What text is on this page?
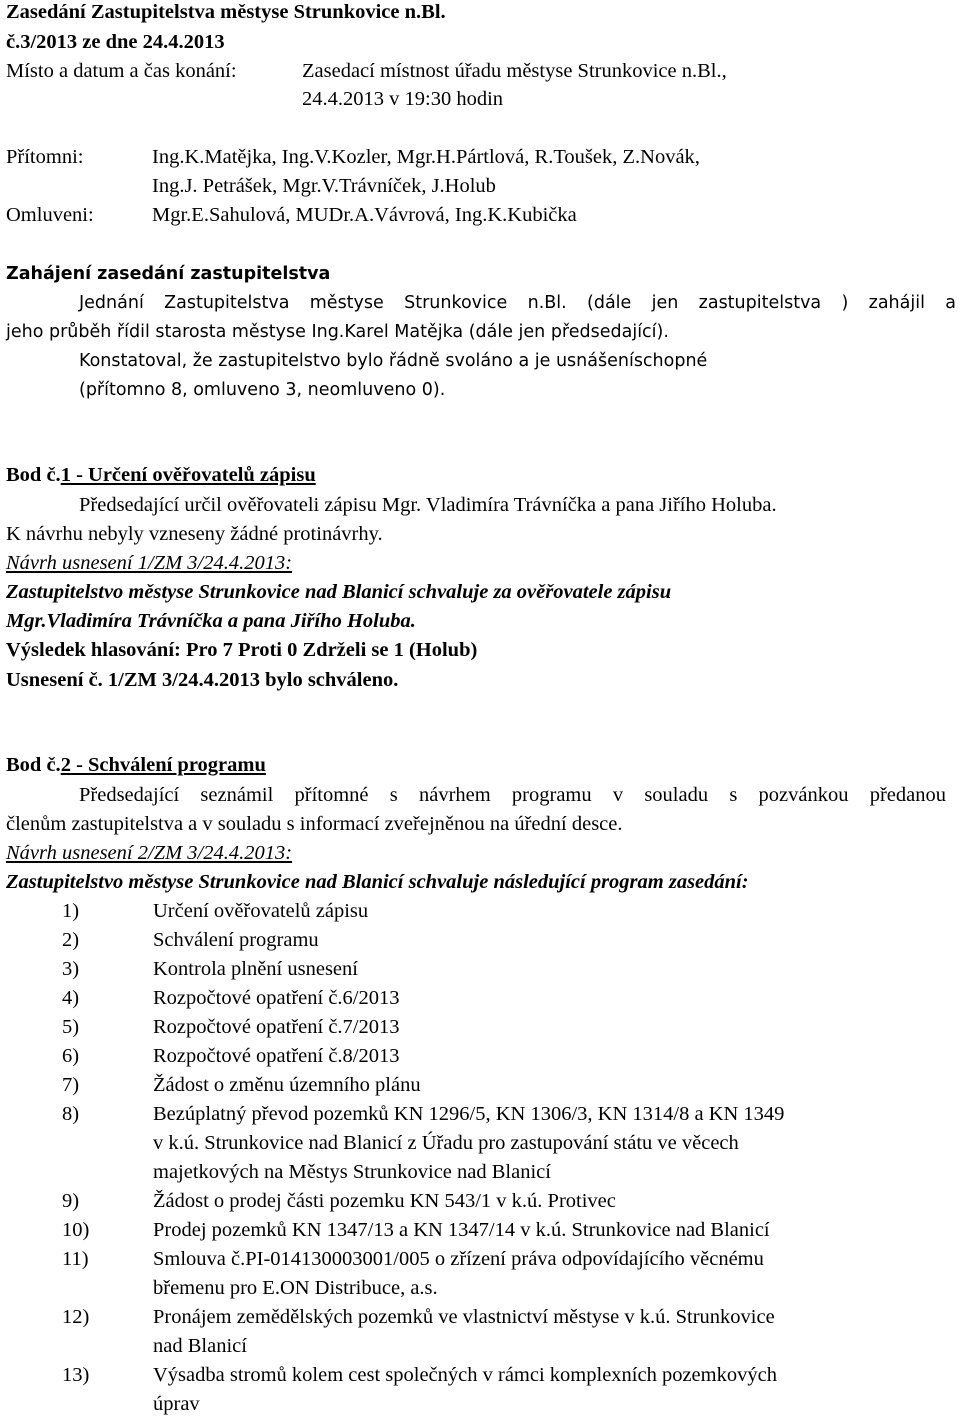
Zasedání Zastupitelstva městyse Strunkovice n.Bl.
č.3/2013 ze dne 24.4.2013
Místo a datum a čas konání:	Zasedací místnost úřadu městyse Strunkovice n.Bl.,
24.4.2013 v 19:30 hodin
Přítomni:	Ing.K.Matějka, Ing.V.Kozler, Mgr.H.Pártlová, R.Toušek, Z.Novák,
Ing.J. Petrášek, Mgr.V.Trávníček, J.Holub
Omluveni:	Mgr.E.Sahulová, MUDr.A.Vávrová, Ing.K.Kubička
Zahájení zasedání zastupitelstva
Jednání Zastupitelstva městyse Strunkovice n.Bl. (dále jen zastupitelstva ) zahájil a
jeho průběh řídil starosta městyse Ing.Karel Matějka (dále jen předsedající).
Konstatoval, že zastupitelstvo bylo řádně svoláno a je usnášeníschopné
(přítomno 8, omluveno 3, neomluveno 0).
Bod č.1 - Určení ověřovatelů zápisu
Předsedající určil ověřovateli zápisu Mgr. Vladimíra Trávníčka a pana Jiřího Holuba.
K návrhu nebyly vzneseny žádné protinávrhy.
Návrh usnesení 1/ZM 3/24.4.2013:
Zastupitelstvo městyse Strunkovice nad Blanicí schvaluje za ověřovatele zápisu
Mgr.Vladimíra Trávníčka a pana Jiřího Holuba.
Výsledek hlasování: Pro 7 Proti 0 Zdrželi se 1 (Holub)
Usnesení č. 1/ZM 3/24.4.2013 bylo schváleno.
Bod č.2 - Schválení programu
Předsedající seznámil přítomné s návrhem programu v souladu s pozvánkou předanou
členům zastupitelstva a v souladu s informací zveřejněnou na úřední desce.
Návrh usnesení 2/ZM 3/24.4.2013:
Zastupitelstvo městyse Strunkovice nad Blanicí schvaluje následující program zasedání:
1)	Určení ověřovatelů zápisu
2)	Schválení programu
3)	Kontrola plnění usnesení
4)	Rozpočtové opatření č.6/2013
5)	Rozpočtové opatření č.7/2013
6)	Rozpočtové opatření č.8/2013
7)	Žádost o změnu územního plánu
8)	Bezúplatný převod pozemků KN 1296/5, KN 1306/3, KN 1314/8 a KN 1349
v k.ú. Strunkovice nad Blanicí z Úřadu pro zastupování státu ve věcech
majetkových na Městys Strunkovice nad Blanicí
9)	Žádost o prodej části pozemku KN 543/1 v k.ú. Protivec
10)	Prodej pozemků KN 1347/13 a KN 1347/14 v k.ú. Strunkovice nad Blanicí
11)	Smlouva č.PI-014130003001/005 o zřízení práva odpovídajícího věcnému
břemenu pro E.ON Distribuce, a.s.
12)	Pronájem zemědělských pozemků ve vlastnictví městyse v k.ú. Strunkovice
nad Blanicí
13)	Výsadba stromů kolem cest společných v rámci komplexních pozemkových
úprav
